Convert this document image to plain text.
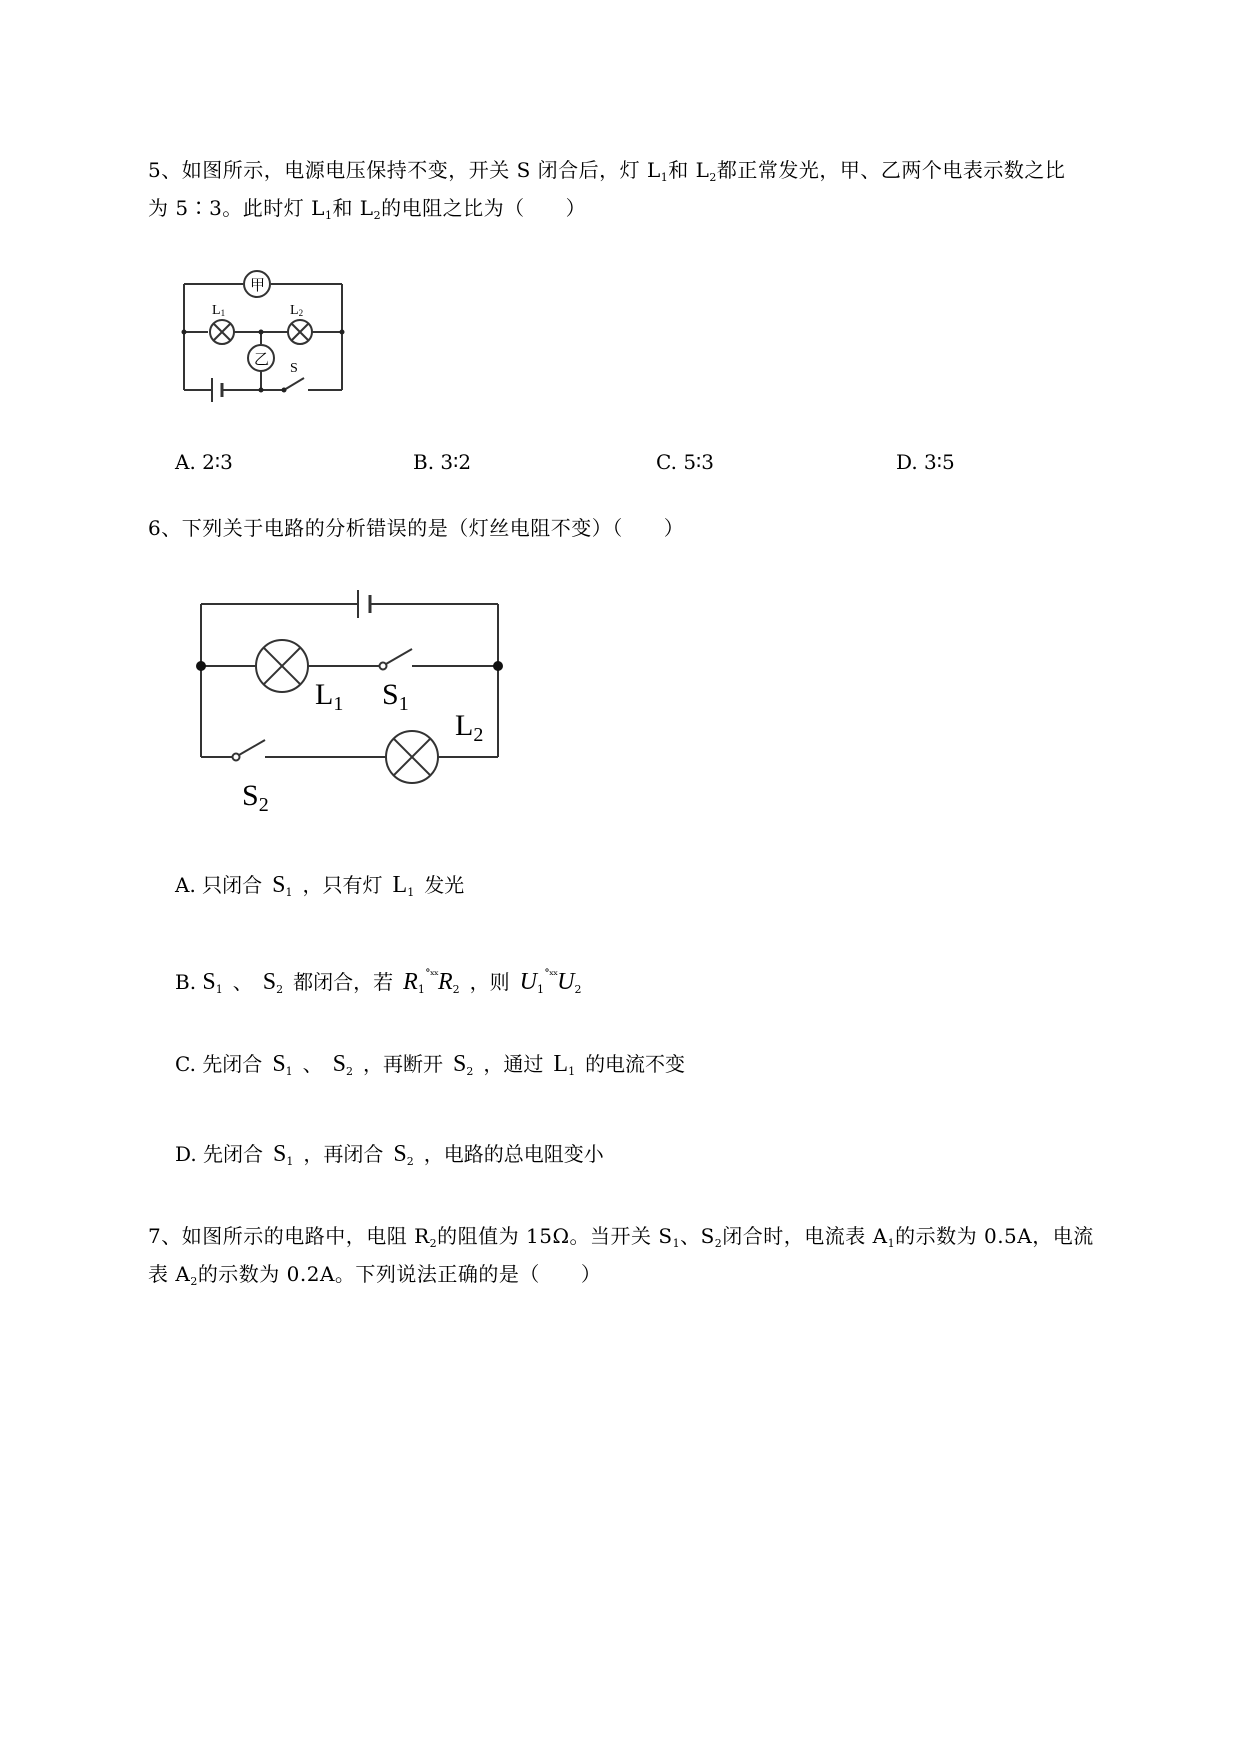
5、如图所示，电源电压保持不变，开关 S 闭合后，灯 $L_1$和 $L_2$都正常发光，甲、乙两个电表示数之比
为 5∶3。此时灯 $L_1$和 $L_2$的电阻之比为（　　）
甲
乙
L1	L2
S
A. 2∶3	B. 3∶2	C. 5∶3	D. 3∶5
6、下列关于电路的分析错误的是（灯丝电阻不变）（　　）
$L_1$ $S_1$
$L_2$
$S_2$
A. 只闭合 $S_1$ ，只有灯 $L_1$ 发光
B. $S_1$ 、 $S_2$ 都闭合，若 $R_1^{˚ˣˣ}R_2$ ，则 $U_1^{˚ˣˣ}U_2$
C. 先闭合 $S_1$ 、 $S_2$ ，再断开 $S_2$ ，通过 $L_1$ 的电流不变
D. 先闭合 $S_1$ ，再闭合 $S_2$ ，电路的总电阻变小
7、如图所示的电路中，电阻 $R_2$的阻值为 15Ω。当开关 $S_1$、$S_2$闭合时，电流表 $A_1$的示数为 0.5A，电流
表 $A_2$的示数为 0.2A。下列说法正确的是（　　）
